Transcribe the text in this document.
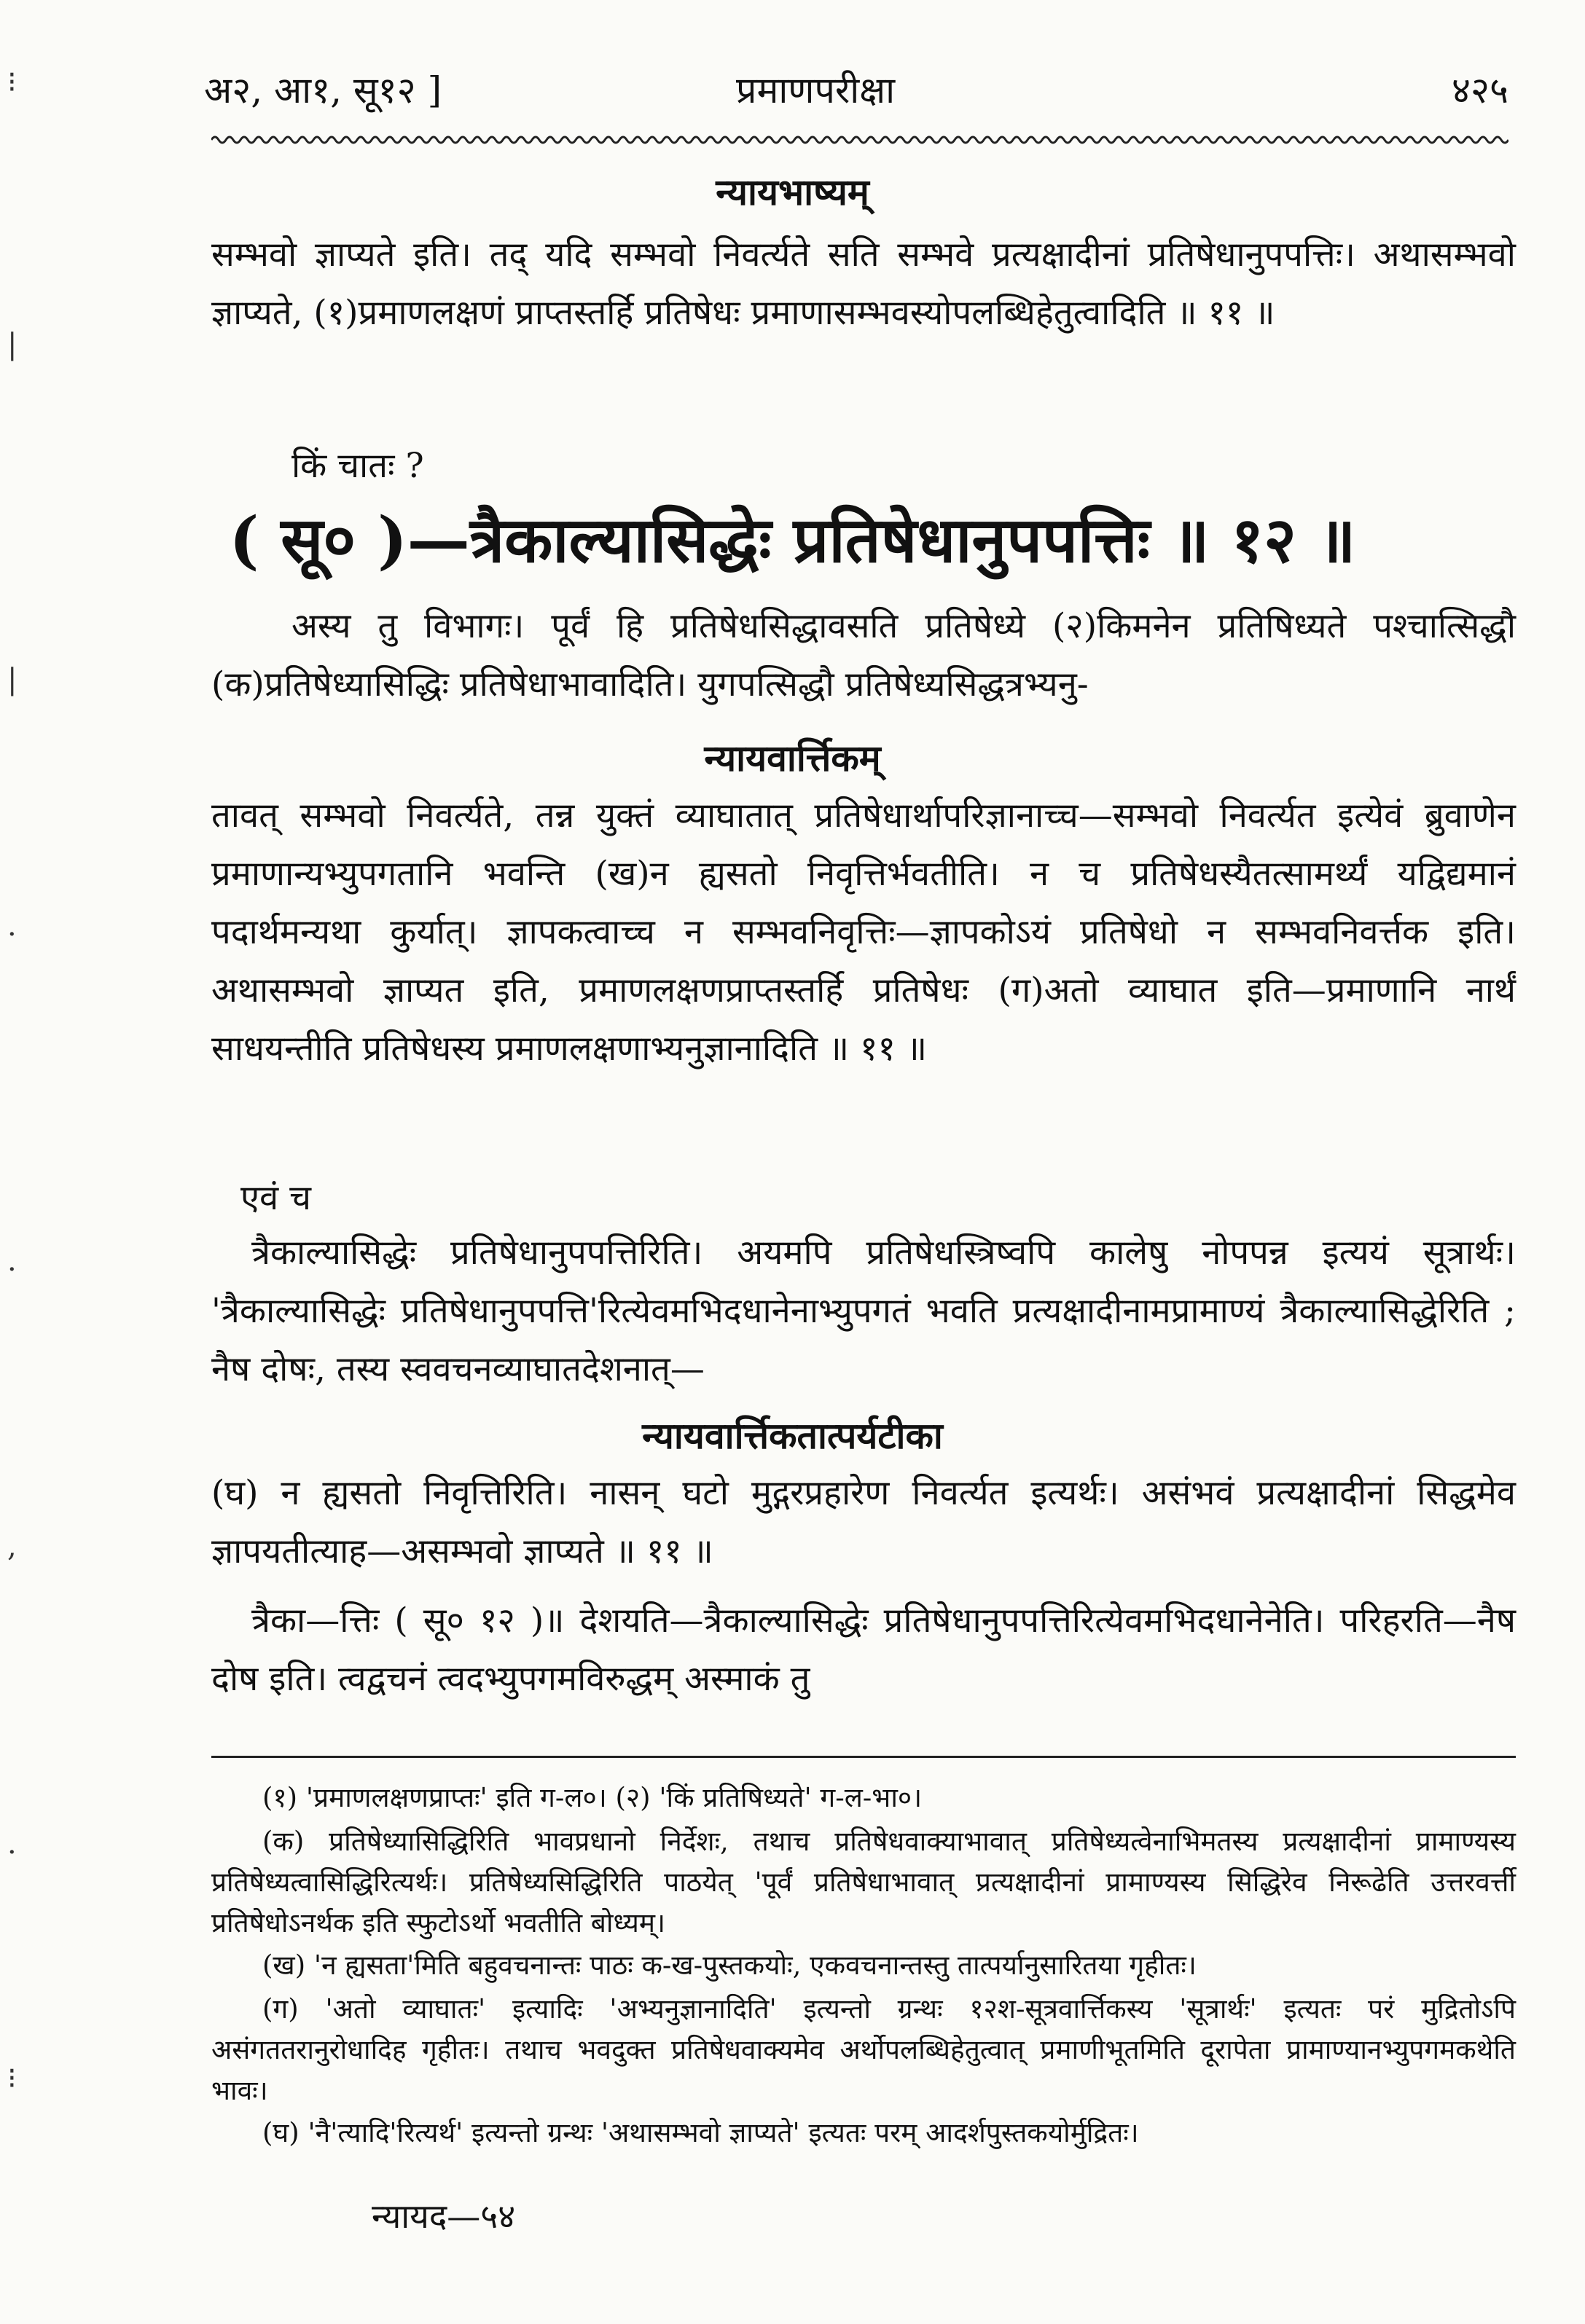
अ२, आ१, सू१२ ]	प्रमाणपरीक्षा	४२५
न्यायभाष्यम्
सम्भवो ज्ञाप्यते इति। तद् यदि सम्भवो निवर्त्यते सति सम्भवे प्रत्यक्षादीनां प्रतिषेधानुपपत्तिः। अथासम्भवो ज्ञाप्यते, (१)प्रमाणलक्षणं प्राप्तस्तर्हि प्रतिषेधः प्रमाणासम्भवस्योपलब्धिहेतुत्वादिति ॥ ११ ॥
किं चातः ?
( सू० )—त्रैकाल्यासिद्धेः प्रतिषेधानुपपत्तिः ॥ १२ ॥
अस्य तु विभागः। पूर्वं हि प्रतिषेधसिद्धावसति प्रतिषेध्ये (२)किमनेन प्रतिषिध्यते पश्चात्सिद्धौ (क)प्रतिषेध्यासिद्धिः प्रतिषेधाभावादिति। युगपत्सिद्धौ प्रतिषेध्यसिद्धत्रभ्यनु-
न्यायवार्त्तिकम्
तावत् सम्भवो निवर्त्यते, तन्न युक्तं व्याघातात् प्रतिषेधार्थापरिज्ञानाच्च—सम्भवो निवर्त्यत इत्येवं ब्रुवाणेन प्रमाणान्यभ्युपगतानि भवन्ति (ख)न ह्यसतो निवृत्तिर्भवतीति। न च प्रतिषेधस्यैतत्सामर्थ्यं यद्विद्यमानं पदार्थमन्यथा कुर्यात्। ज्ञापकत्वाच्च न सम्भवनिवृत्तिः—ज्ञापकोऽयं प्रतिषेधो न सम्भवनिवर्त्तक इति। अथासम्भवो ज्ञाप्यत इति, प्रमाणलक्षणप्राप्तस्तर्हि प्रतिषेधः (ग)अतो व्याघात इति—प्रमाणानि नार्थं साधयन्तीति प्रतिषेधस्य प्रमाणलक्षणाभ्यनुज्ञानादिति ॥ ११ ॥
एवं च
त्रैकाल्यासिद्धेः प्रतिषेधानुपपत्तिरिति। अयमपि प्रतिषेधस्त्रिष्वपि कालेषु नोपपन्न इत्ययं सूत्रार्थः। 'त्रैकाल्यासिद्धेः प्रतिषेधानुपपत्ति'रित्येवमभिदधानेनाभ्युपगतं भवति प्रत्यक्षादीनामप्रामाण्यं त्रैकाल्यासिद्धेरिति ; नैष दोषः, तस्य स्ववचनव्याघातदेशनात्—
न्यायवार्त्तिकतात्पर्यटीका
(घ) न ह्यसतो निवृत्तिरिति। नासन् घटो मुद्गरप्रहारेण निवर्त्यत इत्यर्थः। असंभवं प्रत्यक्षादीनां सिद्धमेव ज्ञापयतीत्याह—असम्भवो ज्ञाप्यते ॥ ११ ॥
त्रैका—त्तिः ( सू० १२ )॥ देशयति—त्रैकाल्यासिद्धेः प्रतिषेधानुपपत्तिरित्येवमभिदधानेनेति। परिहरति—नैष दोष इति। त्वद्वचनं त्वदभ्युपगमविरुद्धम् अस्माकं तु
(१) 'प्रमाणलक्षणप्राप्तः' इति ग-ल०। (२) 'किं प्रतिषिध्यते' ग-ल-भा०।
(क) प्रतिषेध्यासिद्धिरिति भावप्रधानो निर्देशः, तथाच प्रतिषेधवाक्याभावात् प्रतिषेध्यत्वेनाभिमतस्य प्रत्यक्षादीनां प्रामाण्यस्य प्रतिषेध्यत्वासिद्धिरित्यर्थः। प्रतिषेध्यसिद्धिरिति पाठयेत् 'पूर्वं प्रतिषेधाभावात् प्रत्यक्षादीनां प्रामाण्यस्य सिद्धिरेव निरूढेति उत्तरवर्त्ती प्रतिषेधोऽनर्थक इति स्फुटोऽर्थो भवतीति बोध्यम्।
(ख) 'न ह्यसता'मिति बहुवचनान्तः पाठः क-ख-पुस्तकयोः, एकवचनान्तस्तु तात्पर्यानुसारितया गृहीतः।
(ग) 'अतो व्याघातः' इत्यादिः 'अभ्यनुज्ञानादिति' इत्यन्तो ग्रन्थः १२श-सूत्रवार्त्तिकस्य 'सूत्रार्थः' इत्यतः परं मुद्रितोऽपि असंगततरानुरोधादिह गृहीतः। तथाच भवदुक्त प्रतिषेधवाक्यमेव अर्थोपलब्धिहेतुत्वात् प्रमाणीभूतमिति दूरापेता प्रामाण्यानभ्युपगमकथेति भावः।
(घ) 'नै'त्यादि'रित्यर्थ' इत्यन्तो ग्रन्थः 'अथासम्भवो ज्ञाप्यते' इत्यतः परम् आदर्शपुस्तकयोर्मुद्रितः।
न्यायद—५४
⁝
|
|
·
·
,
·
⁝
